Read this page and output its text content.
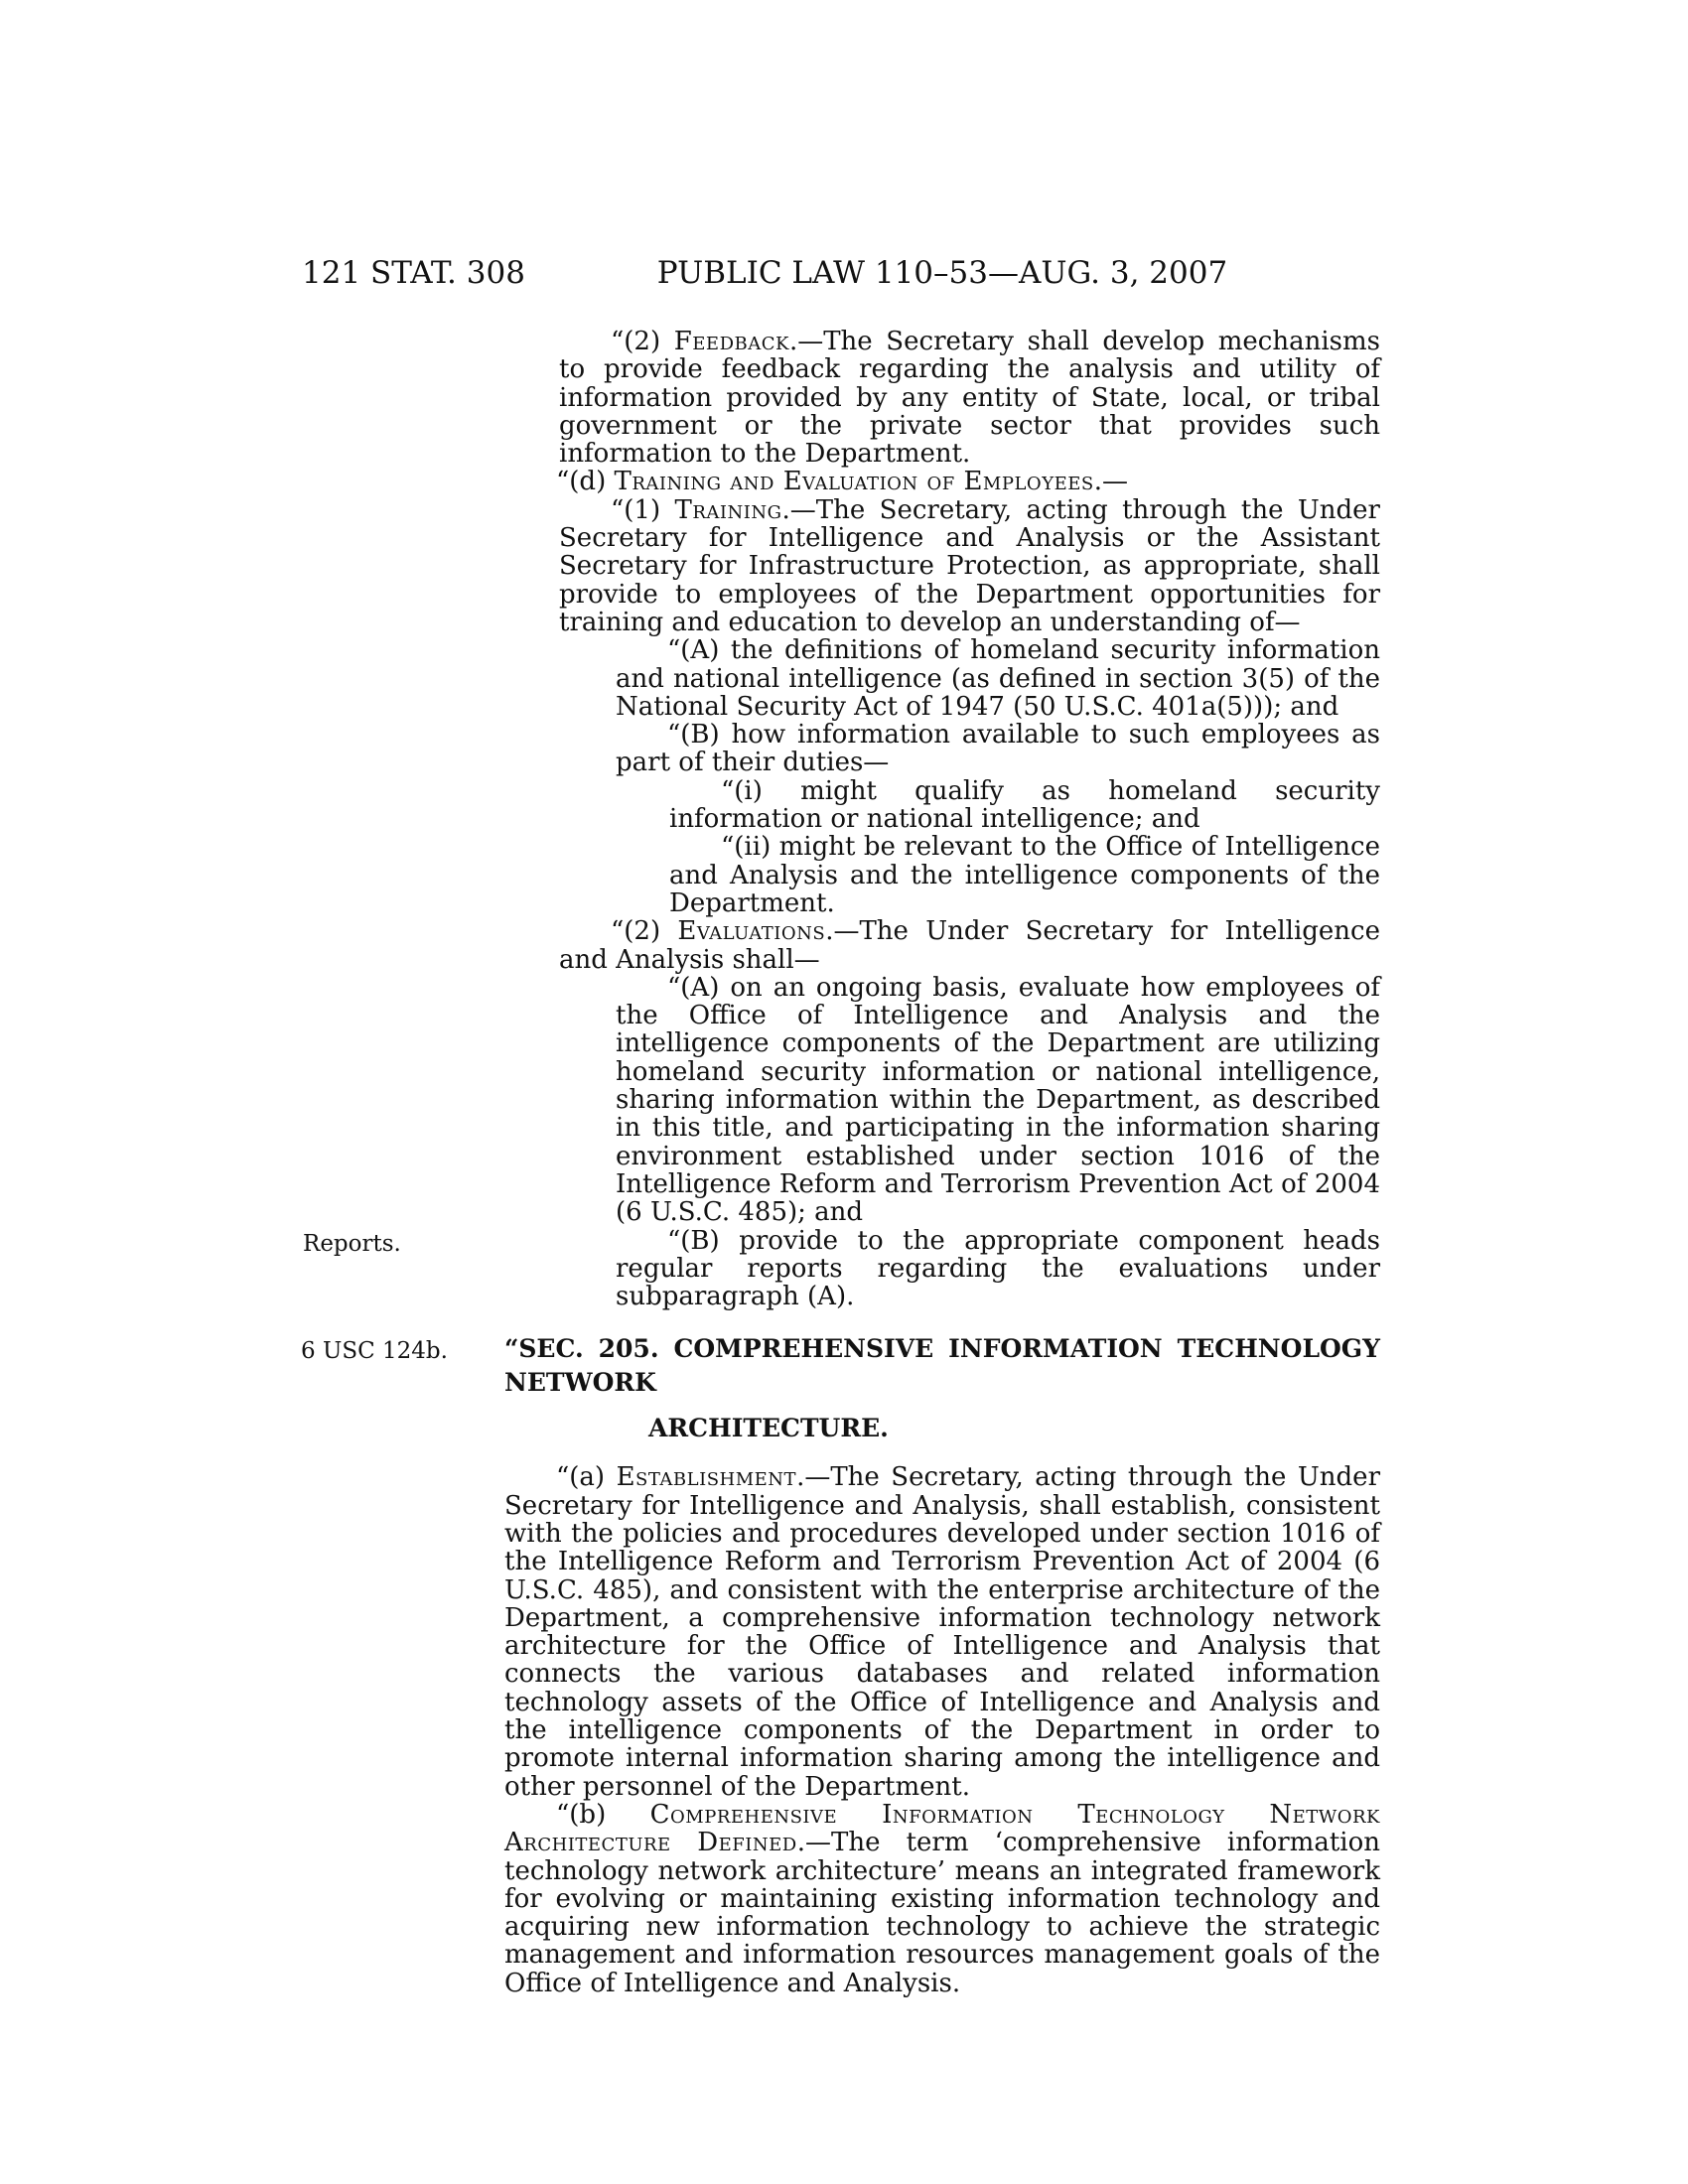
121 STAT. 308	PUBLIC LAW 110–53—AUG. 3, 2007
“(2) Feedback.—The Secretary shall develop mechanisms to provide feedback regarding the analysis and utility of information provided by any entity of State, local, or tribal government or the private sector that provides such information to the Department.
“(d) Training and Evaluation of Employees.—
“(1) Training.—The Secretary, acting through the Under Secretary for Intelligence and Analysis or the Assistant Secretary for Infrastructure Protection, as appropriate, shall provide to employees of the Department opportunities for training and education to develop an understanding of—
“(A) the definitions of homeland security information and national intelligence (as defined in section 3(5) of the National Security Act of 1947 (50 U.S.C. 401a(5))); and
“(B) how information available to such employees as part of their duties—
“(i) might qualify as homeland security information or national intelligence; and
“(ii) might be relevant to the Office of Intelligence and Analysis and the intelligence components of the Department.
“(2) Evaluations.—The Under Secretary for Intelligence and Analysis shall—
“(A) on an ongoing basis, evaluate how employees of the Office of Intelligence and Analysis and the intelligence components of the Department are utilizing homeland security information or national intelligence, sharing information within the Department, as described in this title, and participating in the information sharing environment established under section 1016 of the Intelligence Reform and Terrorism Prevention Act of 2004 (6 U.S.C. 485); and
Reports.	“(B) provide to the appropriate component heads regular reports regarding the evaluations under subparagraph (A).
6 USC 124b. “SEC. 205. COMPREHENSIVE INFORMATION TECHNOLOGY NETWORK
ARCHITECTURE.
“(a) Establishment.—The Secretary, acting through the Under Secretary for Intelligence and Analysis, shall establish, consistent with the policies and procedures developed under section 1016 of the Intelligence Reform and Terrorism Prevention Act of 2004 (6 U.S.C. 485), and consistent with the enterprise architecture of the Department, a comprehensive information technology network architecture for the Office of Intelligence and Analysis that connects the various databases and related information technology assets of the Office of Intelligence and Analysis and the intelligence components of the Department in order to promote internal information sharing among the intelligence and other personnel of the Department.
“(b) Comprehensive Information Technology Network Architecture Defined.—The term ‘comprehensive information technology network architecture’ means an integrated framework for evolving or maintaining existing information technology and acquiring new information technology to achieve the strategic management and information resources management goals of the Office of Intelligence and Analysis.
